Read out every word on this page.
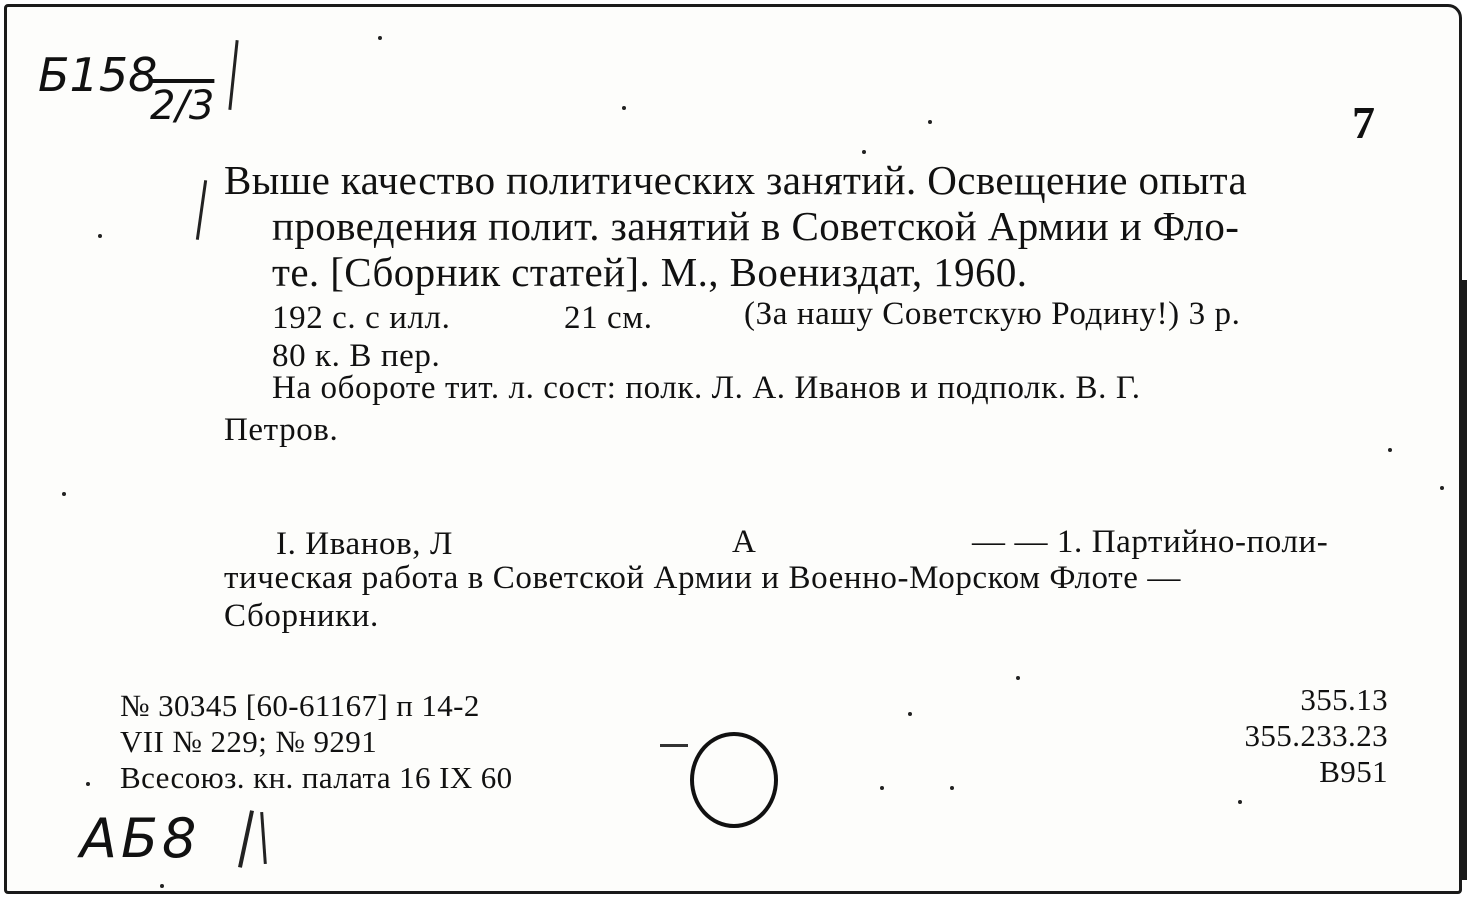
Б158
2/3	7
Выше качество политических занятий. Освещение опыта
проведения полит. занятий в Советской Армии и Фло-
те. [Сборник статей]. М., Воениздат, 1960.
192 с. с илл.	21 см.	(За нашу Советскую Родину!) 3 р.
80 к. В пер.
На обороте тит. л. сост: полк. Л. А. Иванов и подполк. В. Г.
Петров.
I. Иванов, Л	А	— — 1. Партийно-поли-
тическая работа в Советской Армии и Военно-Морском Флоте —
Сборники.
№ 30345 [60-61167] п 14-2
VII № 229; № 9291
Всесоюз. кн. палата 16 IX 60
355.13
355.233.23
В951
АБ8
